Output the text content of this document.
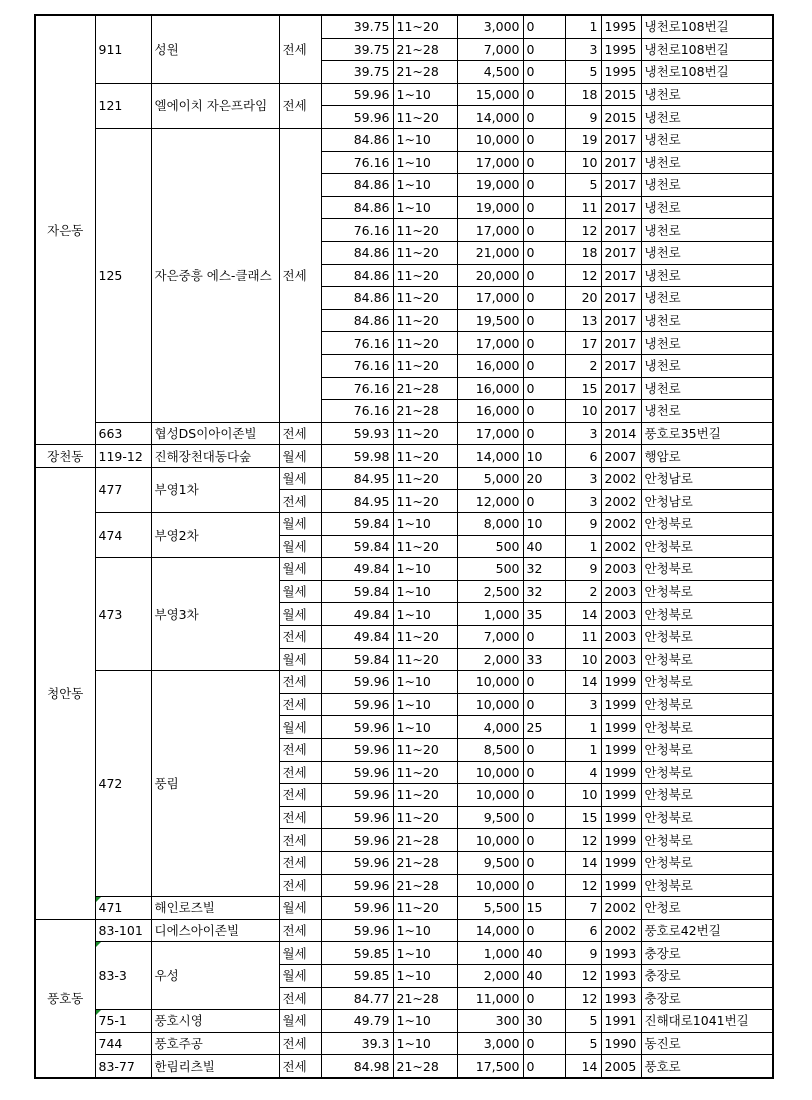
자은동	911	성원	전세	39.75	11~20	3,000	0	1	1995	냉천로108번길
				39.75	21~28	7,000	0	3	1995	냉천로108번길
				39.75	21~28	4,500	0	5	1995	냉천로108번길
	121	엘에이치 자은프라임	전세	59.96	1~10	15,000	0	18	2015	냉천로
				59.96	11~20	14,000	0	9	2015	냉천로
	125	자은중흥 에스-클래스	전세	84.86	1~10	10,000	0	19	2017	냉천로
				76.16	1~10	17,000	0	10	2017	냉천로
				84.86	1~10	19,000	0	5	2017	냉천로
				84.86	1~10	19,000	0	11	2017	냉천로
				76.16	11~20	17,000	0	12	2017	냉천로
				84.86	11~20	21,000	0	18	2017	냉천로
				84.86	11~20	20,000	0	12	2017	냉천로
				84.86	11~20	17,000	0	20	2017	냉천로
				84.86	11~20	19,500	0	13	2017	냉천로
				76.16	11~20	17,000	0	17	2017	냉천로
				76.16	11~20	16,000	0	2	2017	냉천로
				76.16	21~28	16,000	0	15	2017	냉천로
				76.16	21~28	16,000	0	10	2017	냉천로
	663	협성DS이아이존빌	전세	59.93	11~20	17,000	0	3	2014	풍호로35번길
장천동	119-12	진해장천대동다숲	월세	59.98	11~20	14,000	10	6	2007	행암로
청안동	477	부영1차	월세	84.95	11~20	5,000	20	3	2002	안청남로
			전세	84.95	11~20	12,000	0	3	2002	안청남로
	474	부영2차	월세	59.84	1~10	8,000	10	9	2002	안청북로
			월세	59.84	11~20	500	40	1	2002	안청북로
	473	부영3차	월세	49.84	1~10	500	32	9	2003	안청북로
			월세	59.84	1~10	2,500	32	2	2003	안청북로
			월세	49.84	1~10	1,000	35	14	2003	안청북로
			전세	49.84	11~20	7,000	0	11	2003	안청북로
			월세	59.84	11~20	2,000	33	10	2003	안청북로
	472	풍림	전세	59.96	1~10	10,000	0	14	1999	안청북로
			전세	59.96	1~10	10,000	0	3	1999	안청북로
			월세	59.96	1~10	4,000	25	1	1999	안청북로
			전세	59.96	11~20	8,500	0	1	1999	안청북로
			전세	59.96	11~20	10,000	0	4	1999	안청북로
			전세	59.96	11~20	10,000	0	10	1999	안청북로
			전세	59.96	11~20	9,500	0	15	1999	안청북로
			전세	59.96	21~28	10,000	0	12	1999	안청북로
			전세	59.96	21~28	9,500	0	14	1999	안청북로
			전세	59.96	21~28	10,000	0	12	1999	안청북로
	471	해인로즈빌	월세	59.96	11~20	5,500	15	7	2002	안청로
풍호동	83-101	디에스아이존빌	전세	59.96	1~10	14,000	0	6	2002	풍호로42번길
	83-3	우성	월세	59.85	1~10	1,000	40	9	1993	충장로
			월세	59.85	1~10	2,000	40	12	1993	충장로
			전세	84.77	21~28	11,000	0	12	1993	충장로
	75-1	풍호시영	월세	49.79	1~10	300	30	5	1991	진해대로1041번길
	744	풍호주공	전세	39.3	1~10	3,000	0	5	1990	동진로
	83-77	한림리츠빌	전세	84.98	21~28	17,500	0	14	2005	풍호로
